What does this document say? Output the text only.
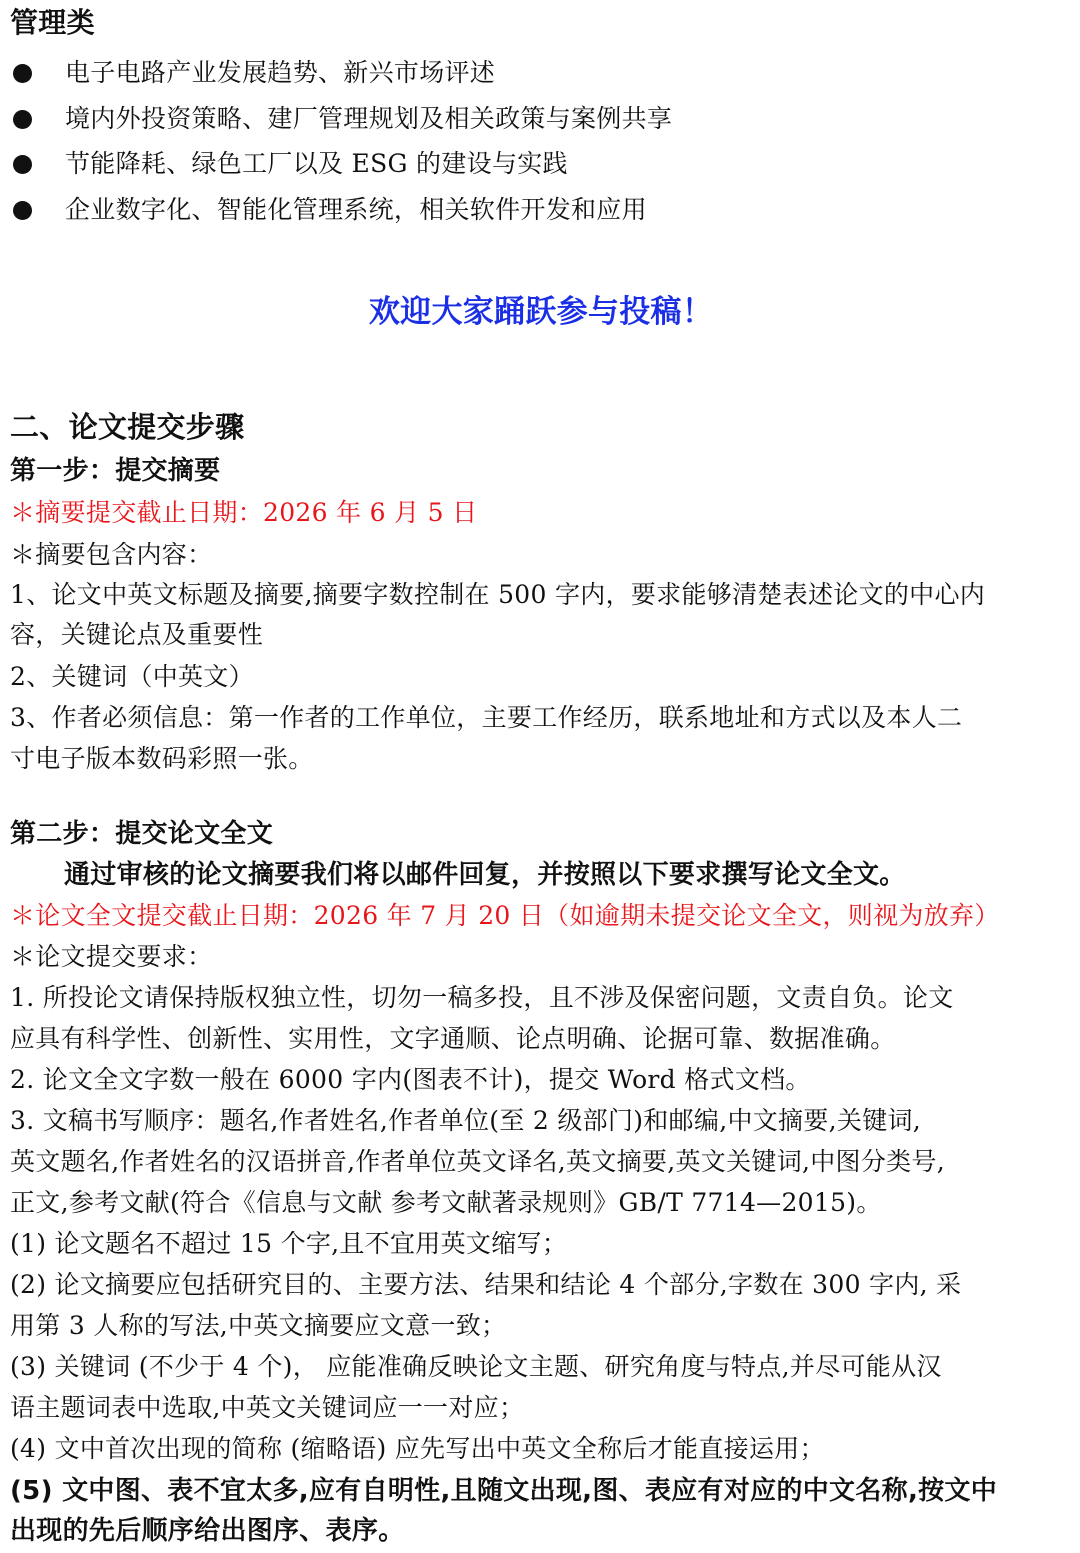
管理类
电子电路产业发展趋势、新兴市场评述
境内外投资策略、建厂管理规划及相关政策与案例共享
节能降耗、绿色工厂以及 ESG 的建设与实践
企业数字化、智能化管理系统，相关软件开发和应用
欢迎大家踊跃参与投稿！
二、论文提交步骤
第一步：提交摘要
＊摘要提交截止日期：2026 年 6 月 5 日
＊摘要包含内容：
1、论文中英文标题及摘要,摘要字数控制在 500 字内，要求能够清楚表述论文的中心内
容，关键论点及重要性
2、关键词（中英文）
3、作者必须信息：第一作者的工作单位，主要工作经历，联系地址和方式以及本人二
寸电子版本数码彩照一张。
第二步：提交论文全文
通过审核的论文摘要我们将以邮件回复，并按照以下要求撰写论文全文。
＊论文全文提交截止日期：2026 年 7 月 20 日（如逾期未提交论文全文，则视为放弃）
＊论文提交要求：
1. 所投论文请保持版权独立性，切勿一稿多投，且不涉及保密问题，文责自负。论文
应具有科学性、创新性、实用性，文字通顺、论点明确、论据可靠、数据准确。
2. 论文全文字数一般在 6000 字内(图表不计)，提交 Word 格式文档。
3. 文稿书写顺序：题名,作者姓名,作者单位(至 2 级部门)和邮编,中文摘要,关键词,
英文题名,作者姓名的汉语拼音,作者单位英文译名,英文摘要,英文关键词,中图分类号,
正文,参考文献(符合《信息与文献 参考文献著录规则》GB/T 7714—2015)。
(1) 论文题名不超过 15 个字,且不宜用英文缩写；
(2) 论文摘要应包括研究目的、主要方法、结果和结论 4 个部分,字数在 300 字内, 采
用第 3 人称的写法,中英文摘要应文意一致；
(3) 关键词 (不少于 4 个)， 应能准确反映论文主题、研究角度与特点,并尽可能从汉
语主题词表中选取,中英文关键词应一一对应；
(4) 文中首次出现的简称 (缩略语) 应先写出中英文全称后才能直接运用；
(5) 文中图、表不宜太多,应有自明性,且随文出现,图、表应有对应的中文名称,按文中
出现的先后顺序给出图序、表序。
